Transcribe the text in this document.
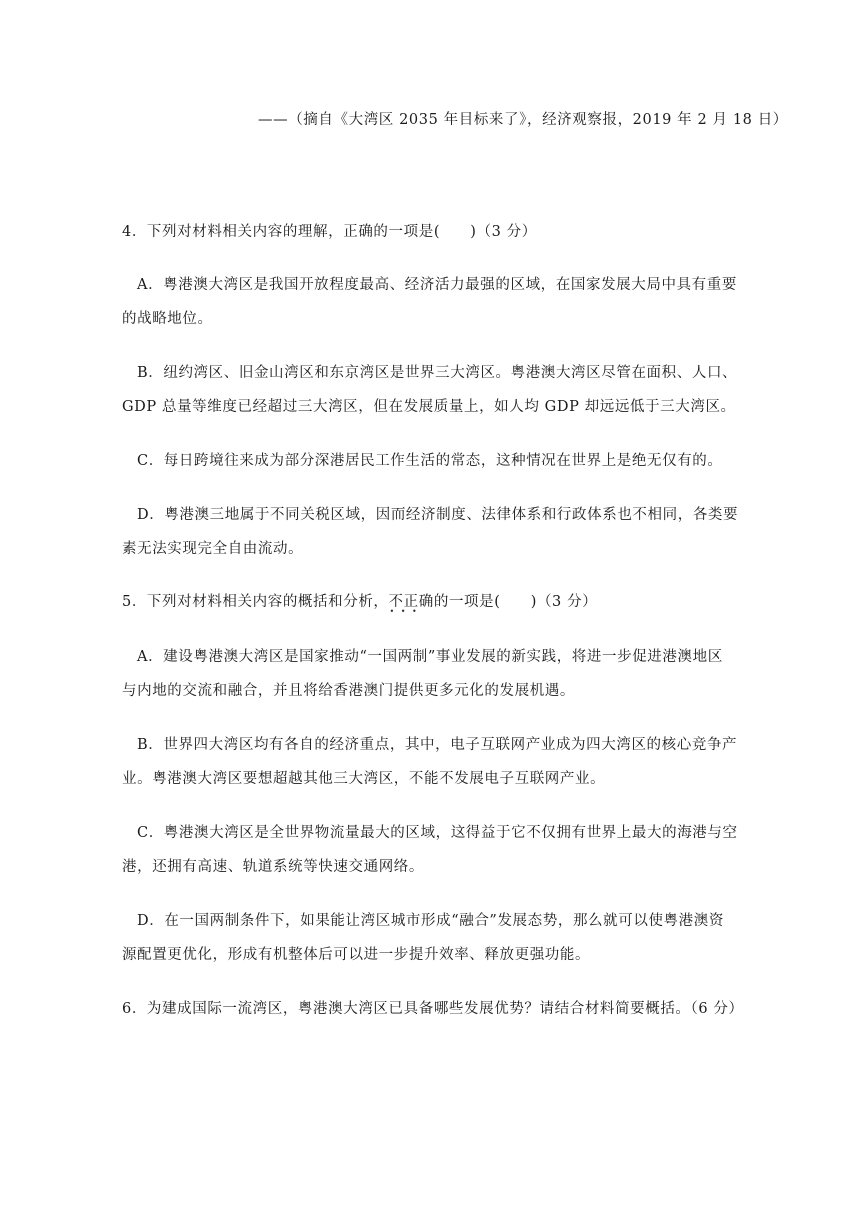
——（摘自《大湾区 2035 年目标来了》，经济观察报，2019 年 2 月 18 日）
4．下列对材料相关内容的理解，正确的一项是(　　)（3 分）
A．粤港澳大湾区是我国开放程度最高、经济活力最强的区域，在国家发展大局中具有重要
的战略地位。
B．纽约湾区、旧金山湾区和东京湾区是世界三大湾区。粤港澳大湾区尽管在面积、人口、
GDP 总量等维度已经超过三大湾区，但在发展质量上，如人均 GDP 却远远低于三大湾区。
C．每日跨境往来成为部分深港居民工作生活的常态，这种情况在世界上是绝无仅有的。
D．粤港澳三地属于不同关税区域，因而经济制度、法律体系和行政体系也不相同，各类要
素无法实现完全自由流动。
5．下列对材料相关内容的概括和分析，不正确 • • •的一项是(　　)（3 分）
A．建设粤港澳大湾区是国家推动“一国两制”事业发展的新实践，将进一步促进港澳地区
与内地的交流和融合，并且将给香港澳门提供更多元化的发展机遇。
B．世界四大湾区均有各自的经济重点，其中，电子互联网产业成为四大湾区的核心竞争产
业。粤港澳大湾区要想超越其他三大湾区，不能不发展电子互联网产业。
C．粤港澳大湾区是全世界物流量最大的区域，这得益于它不仅拥有世界上最大的海港与空
港，还拥有高速、轨道系统等快速交通网络。
D．在一国两制条件下，如果能让湾区城市形成“融合”发展态势，那么就可以使粤港澳资
源配置更优化，形成有机整体后可以进一步提升效率、释放更强功能。
6．为建成国际一流湾区，粤港澳大湾区已具备哪些发展优势？请结合材料简要概括。（6 分）
